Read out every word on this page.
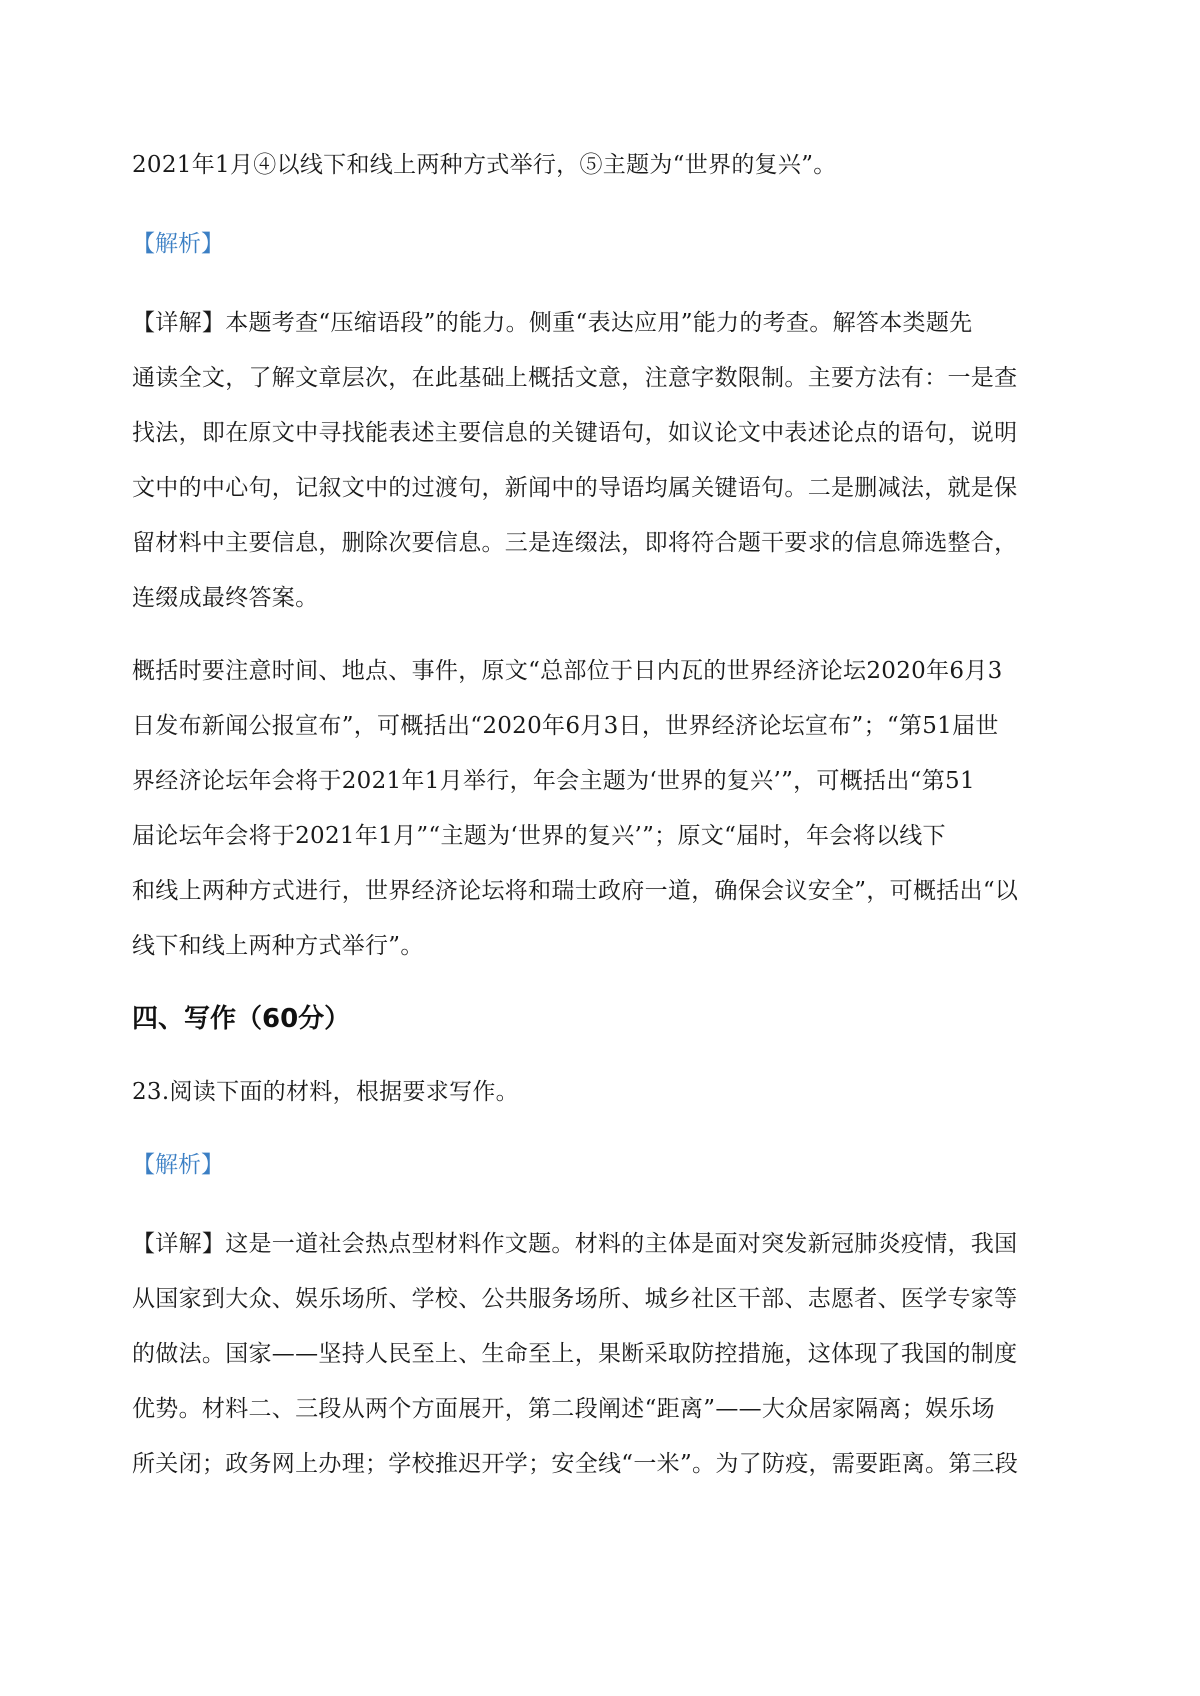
2021年1月④以线下和线上两种方式举行，⑤主题为“世界的复兴”。

【解析】

【详解】本题考查“压缩语段”的能力。侧重“表达应用”能力的考查。解答本类题先

通读全文，了解文章层次，在此基础上概括文意，注意字数限制。主要方法有：一是查

找法，即在原文中寻找能表述主要信息的关键语句，如议论文中表述论点的语句，说明

文中的中心句，记叙文中的过渡句，新闻中的导语均属关键语句。二是删减法，就是保

留材料中主要信息，删除次要信息。三是连缀法，即将符合题干要求的信息筛选整合，

连缀成最终答案。

概括时要注意时间、地点、事件，原文“总部位于日内瓦的世界经济论坛2020年6月3

日发布新闻公报宣布”，可概括出“2020年6月3日，世界经济论坛宣布”；“第51届世

界经济论坛年会将于2021年1月举行，年会主题为‘世界的复兴’”，可概括出“第51

届论坛年会将于2021年1月”“主题为‘世界的复兴’”；原文“届时，年会将以线下

和线上两种方式进行，世界经济论坛将和瑞士政府一道，确保会议安全”，可概括出“以

线下和线上两种方式举行”。

四、写作（60分）

23.阅读下面的材料，根据要求写作。

【解析】

【详解】这是一道社会热点型材料作文题。材料的主体是面对突发新冠肺炎疫情，我国

从国家到大众、娱乐场所、学校、公共服务场所、城乡社区干部、志愿者、医学专家等

的做法。国家——坚持人民至上、生命至上，果断采取防控措施，这体现了我国的制度

优势。材料二、三段从两个方面展开，第二段阐述“距离”——大众居家隔离；娱乐场

所关闭；政务网上办理；学校推迟开学；安全线“一米”。为了防疫，需要距离。第三段
